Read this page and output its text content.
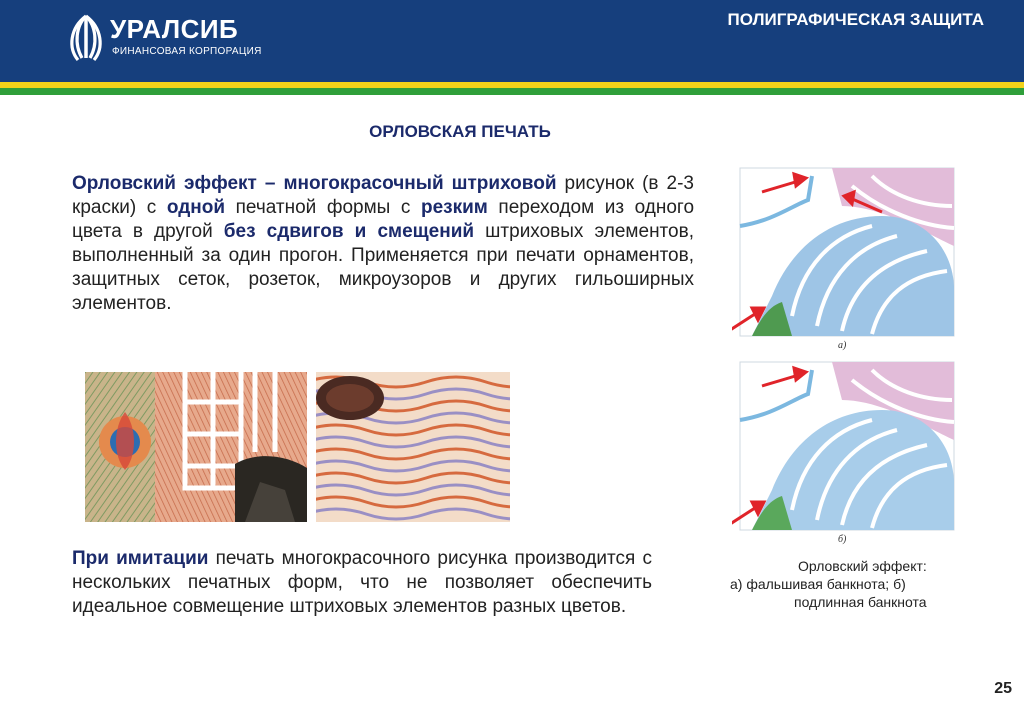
УРАЛСИБ
ФИНАНСОВАЯ КОРПОРАЦИЯ
ПОЛИГРАФИЧЕСКАЯ ЗАЩИТА
ОРЛОВСКАЯ ПЕЧАТЬ
Орловский эффект – многокрасочный штриховой рисунок (в 2-3 краски) с одной печатной формы с резким переходом из одного цвета в другой без сдвигов и смещений штриховых элементов, выполненный за один прогон. Применяется при печати орнаментов, защитных сеток, розеток, микроузоров и других гильоширных элементов.
При имитации печать многокрасочного рисунка производится с нескольких печатных форм, что не позволяет обеспечить идеальное совмещение штриховых элементов разных цветов.
а)
б)
Орловский эффект:
а) фальшивая банкнота; б)
подлинная банкнота
25
